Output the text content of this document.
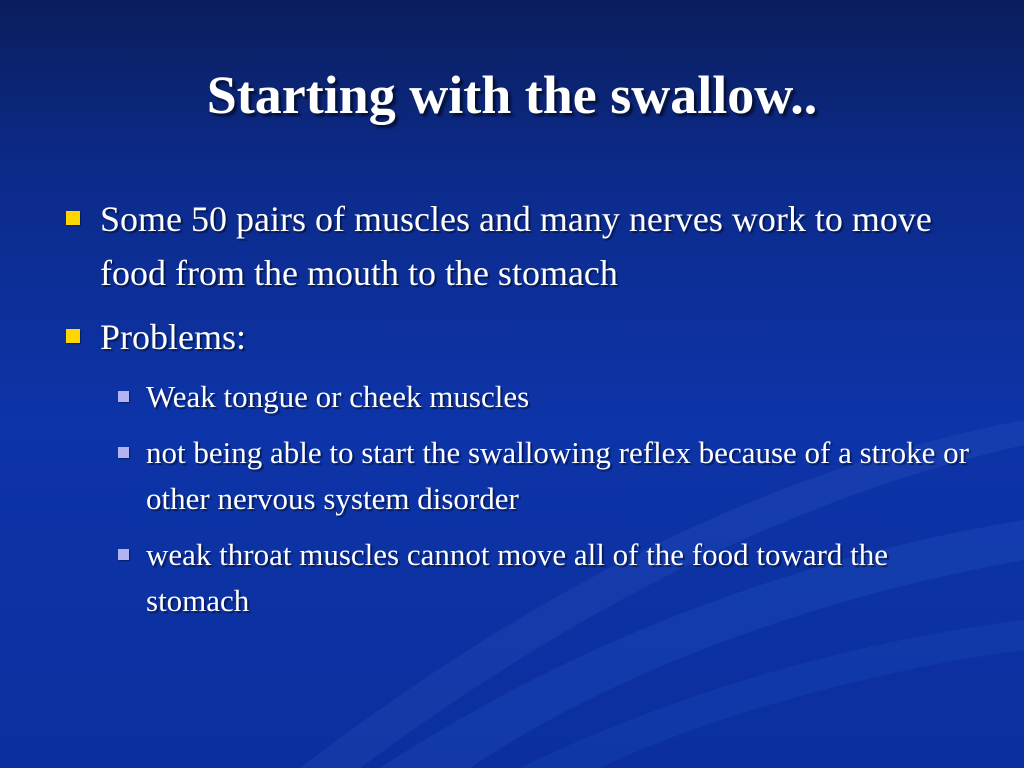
Starting with the swallow..
Some 50 pairs of muscles and many nerves work to move food from the mouth to the stomach
Problems:
Weak tongue or cheek muscles
not being able to start the swallowing reflex because of a stroke or other nervous system disorder
weak throat muscles cannot move all of the food toward the stomach
